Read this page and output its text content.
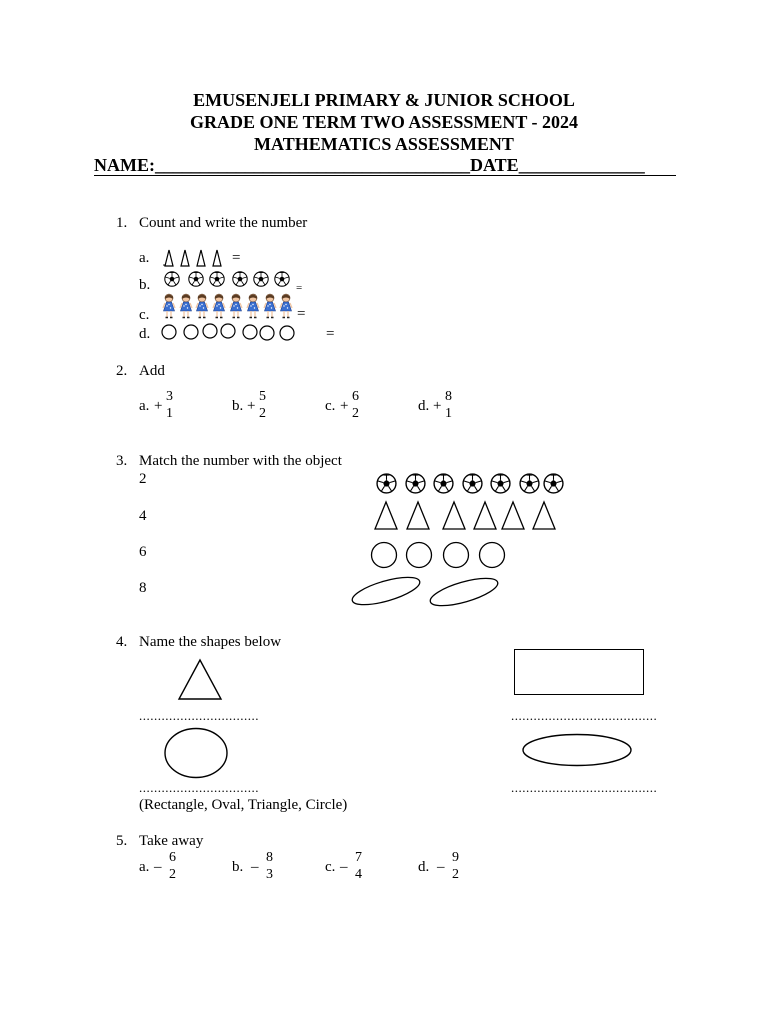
EMUSENJELI PRIMARY & JUNIOR SCHOOL
GRADE ONE TERM TWO ASSESSMENT - 2024
MATHEMATICS ASSESSMENT
NAME:___________________________________DATE______________
1. Count and write the number
a.	=
b.	=
c.	=
d.	=
2. Add
a. +
3
1	b. +
5
2	c. +
6
2	d. +
8
1
3. Match the number with the object
2
4
6
8
4. Name the shapes below
................................	.......................................
................................	.......................................
(Rectangle, Oval, Triangle, Circle)
5. Take away
a. –
6
2	b. –
8
3	c. –
7
4	d. –
9
2
